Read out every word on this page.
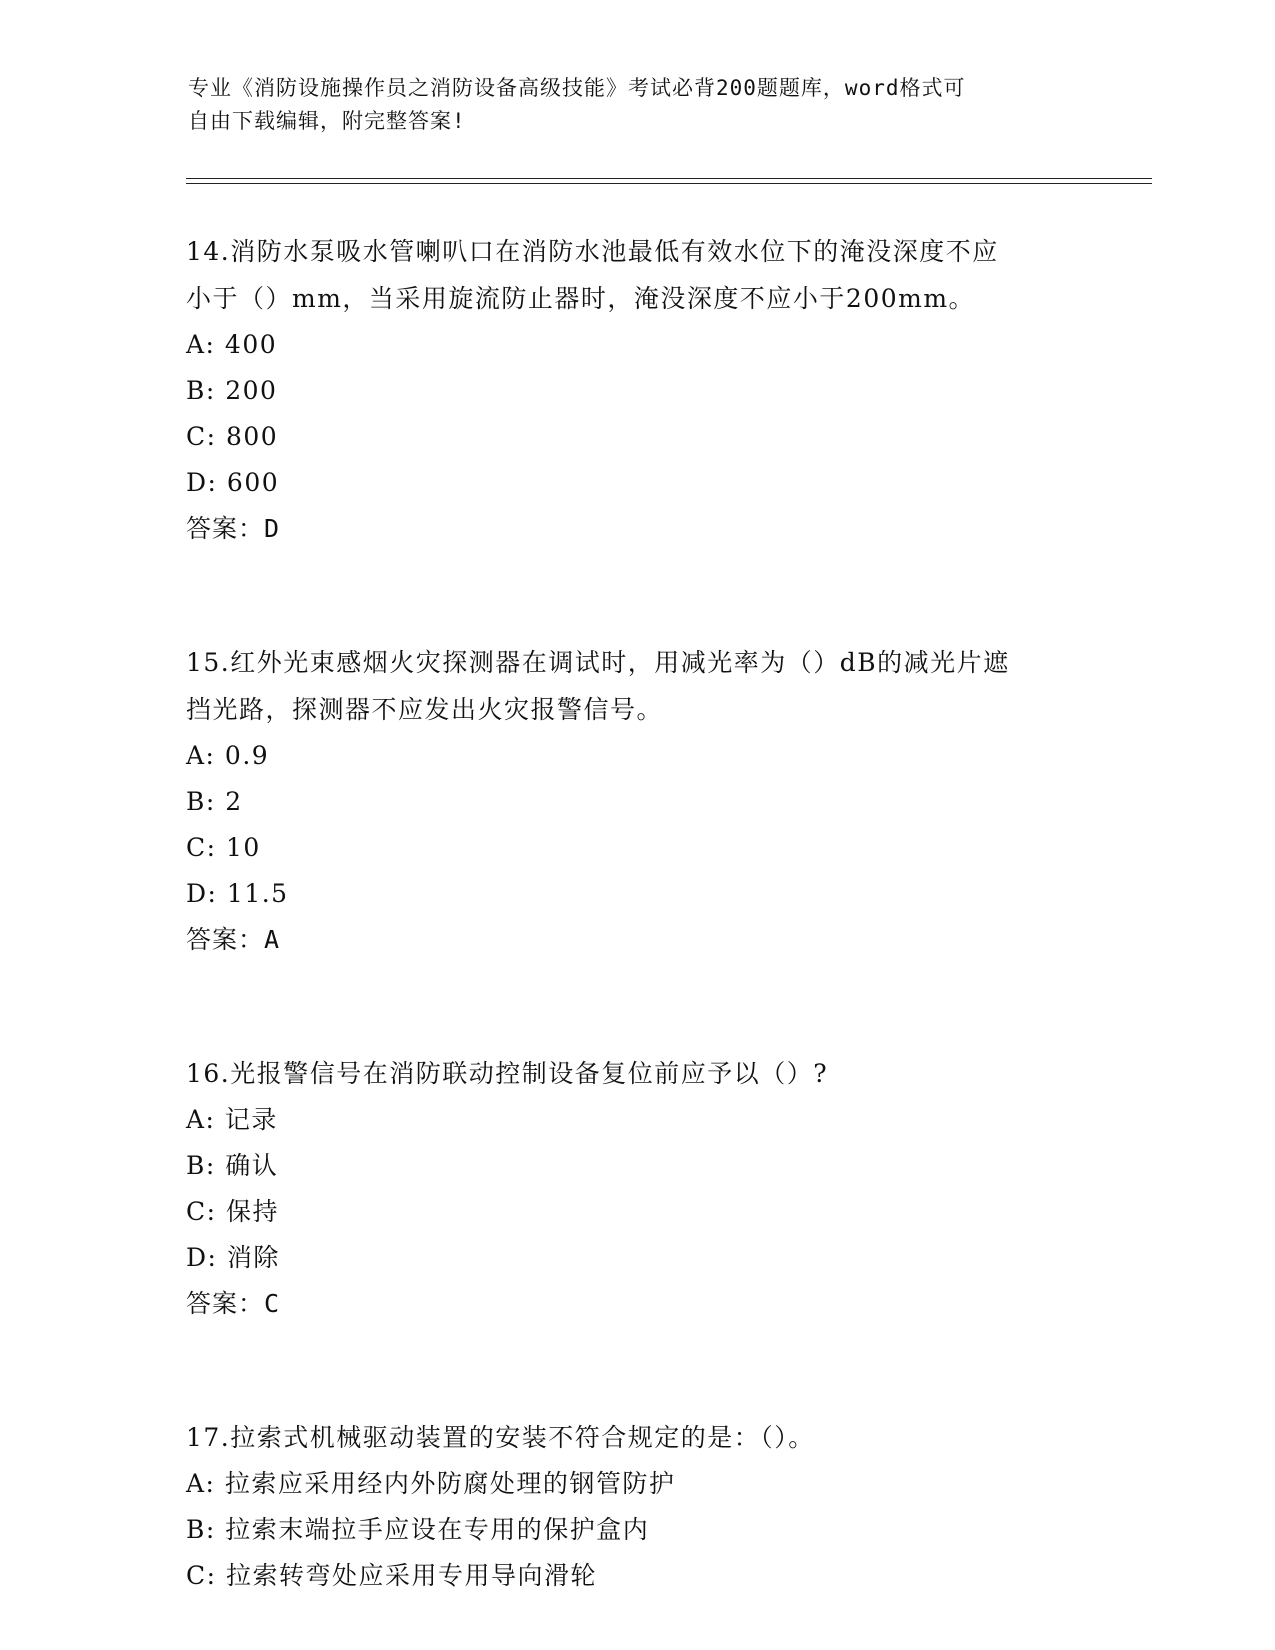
专业《消防设施操作员之消防设备高级技能》考试必背200题题库，word格式可
自由下载编辑，附完整答案!
14.消防水泵吸水管喇叭口在消防水池最低有效水位下的淹没深度不应
小于（）mm，当采用旋流防止器时，淹没深度不应小于200mm。
A: 400
B: 200
C: 800
D: 600
答案：D
15.红外光束感烟火灾探测器在调试时，用减光率为（）dB的减光片遮
挡光路，探测器不应发出火灾报警信号。
A: 0.9
B: 2
C: 10
D: 11.5
答案：A
16.光报警信号在消防联动控制设备复位前应予以（）?
A: 记录
B: 确认
C: 保持
D: 消除
答案：C
17.拉索式机械驱动装置的安装不符合规定的是：（）。
A: 拉索应采用经内外防腐处理的钢管防护
B: 拉索末端拉手应设在专用的保护盒内
C: 拉索转弯处应采用专用导向滑轮
